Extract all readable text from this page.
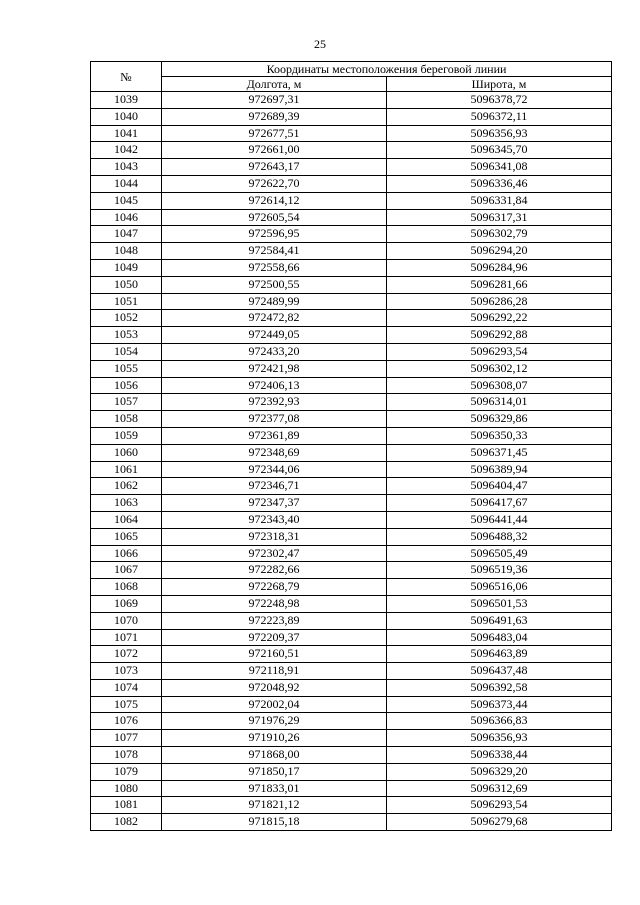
25
№	Координаты местоположения береговой линии	
	Долгота, м	Широта, м
1039	972697,31	5096378,72
1040	972689,39	5096372,11
1041	972677,51	5096356,93
1042	972661,00	5096345,70
1043	972643,17	5096341,08
1044	972622,70	5096336,46
1045	972614,12	5096331,84
1046	972605,54	5096317,31
1047	972596,95	5096302,79
1048	972584,41	5096294,20
1049	972558,66	5096284,96
1050	972500,55	5096281,66
1051	972489,99	5096286,28
1052	972472,82	5096292,22
1053	972449,05	5096292,88
1054	972433,20	5096293,54
1055	972421,98	5096302,12
1056	972406,13	5096308,07
1057	972392,93	5096314,01
1058	972377,08	5096329,86
1059	972361,89	5096350,33
1060	972348,69	5096371,45
1061	972344,06	5096389,94
1062	972346,71	5096404,47
1063	972347,37	5096417,67
1064	972343,40	5096441,44
1065	972318,31	5096488,32
1066	972302,47	5096505,49
1067	972282,66	5096519,36
1068	972268,79	5096516,06
1069	972248,98	5096501,53
1070	972223,89	5096491,63
1071	972209,37	5096483,04
1072	972160,51	5096463,89
1073	972118,91	5096437,48
1074	972048,92	5096392,58
1075	972002,04	5096373,44
1076	971976,29	5096366,83
1077	971910,26	5096356,93
1078	971868,00	5096338,44
1079	971850,17	5096329,20
1080	971833,01	5096312,69
1081	971821,12	5096293,54
1082	971815,18	5096279,68
